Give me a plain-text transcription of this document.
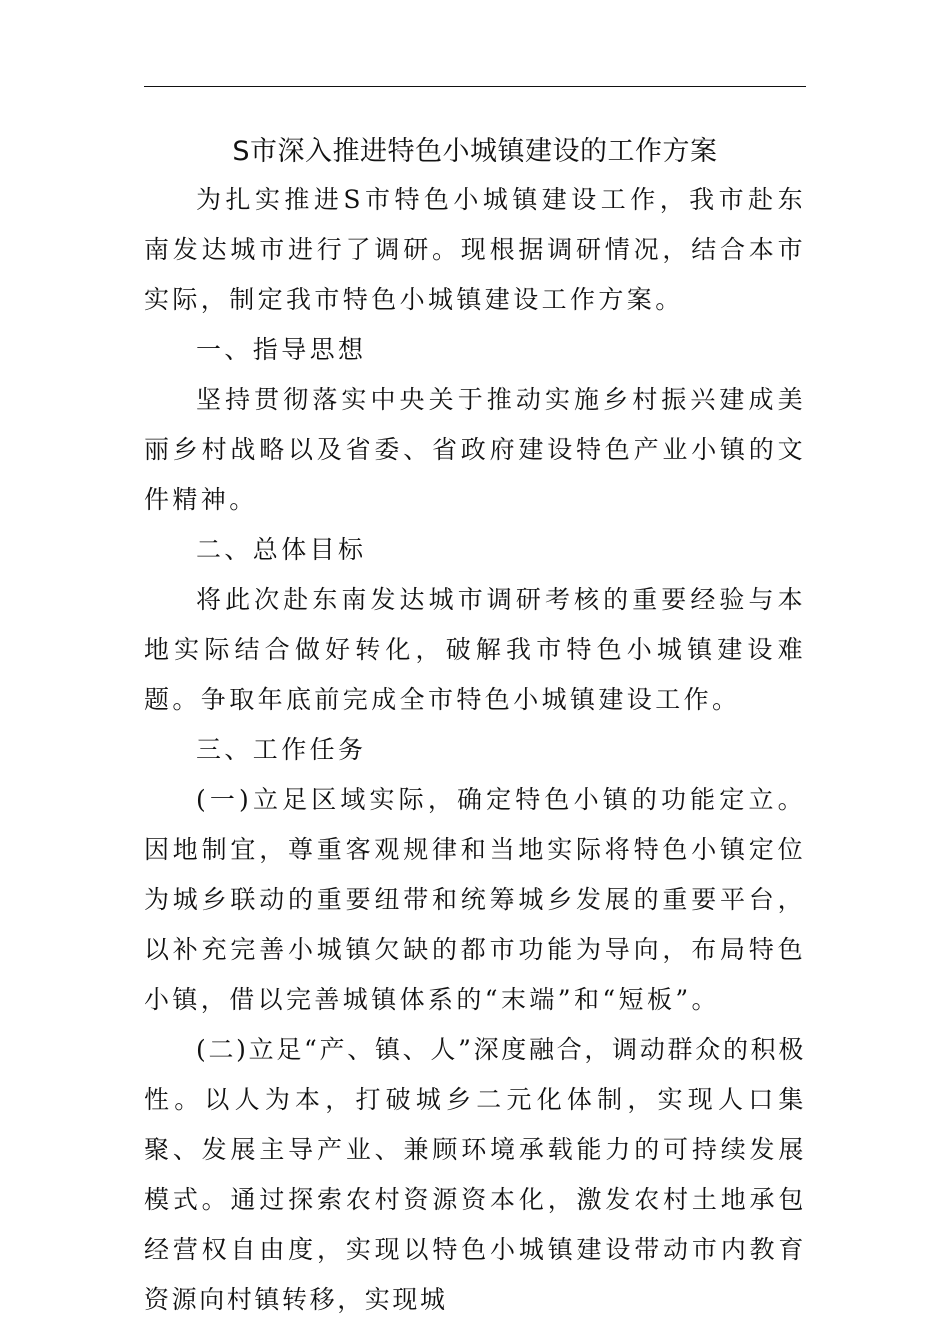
S市深入推进特色小城镇建设的工作方案

为扎实推进S市特色小城镇建设工作，我市赴东南发达城市进行了调研。现根据调研情况，结合本市实际，制定我市特色小城镇建设工作方案。

一、指导思想

坚持贯彻落实中央关于推动实施乡村振兴建成美丽乡村战略以及省委、省政府建设特色产业小镇的文件精神。

二、总体目标

将此次赴东南发达城市调研考核的重要经验与本地实际结合做好转化，破解我市特色小城镇建设难题。争取年底前完成全市特色小城镇建设工作。

三、工作任务

(一)立足区域实际，确定特色小镇的功能定立。因地制宜，尊重客观规律和当地实际将特色小镇定位为城乡联动的重要纽带和统筹城乡发展的重要平台，以补充完善小城镇欠缺的都市功能为导向，布局特色小镇，借以完善城镇体系的“末端”和“短板”。

(二)立足“产、镇、人”深度融合，调动群众的积极性。以人为本，打破城乡二元化体制，实现人口集聚、发展主导产业、兼顾环境承载能力的可持续发展模式。通过探索农村资源资本化，激发农村土地承包经营权自由度，实现以特色小城镇建设带动市内教育资源向村镇转移，实现城
